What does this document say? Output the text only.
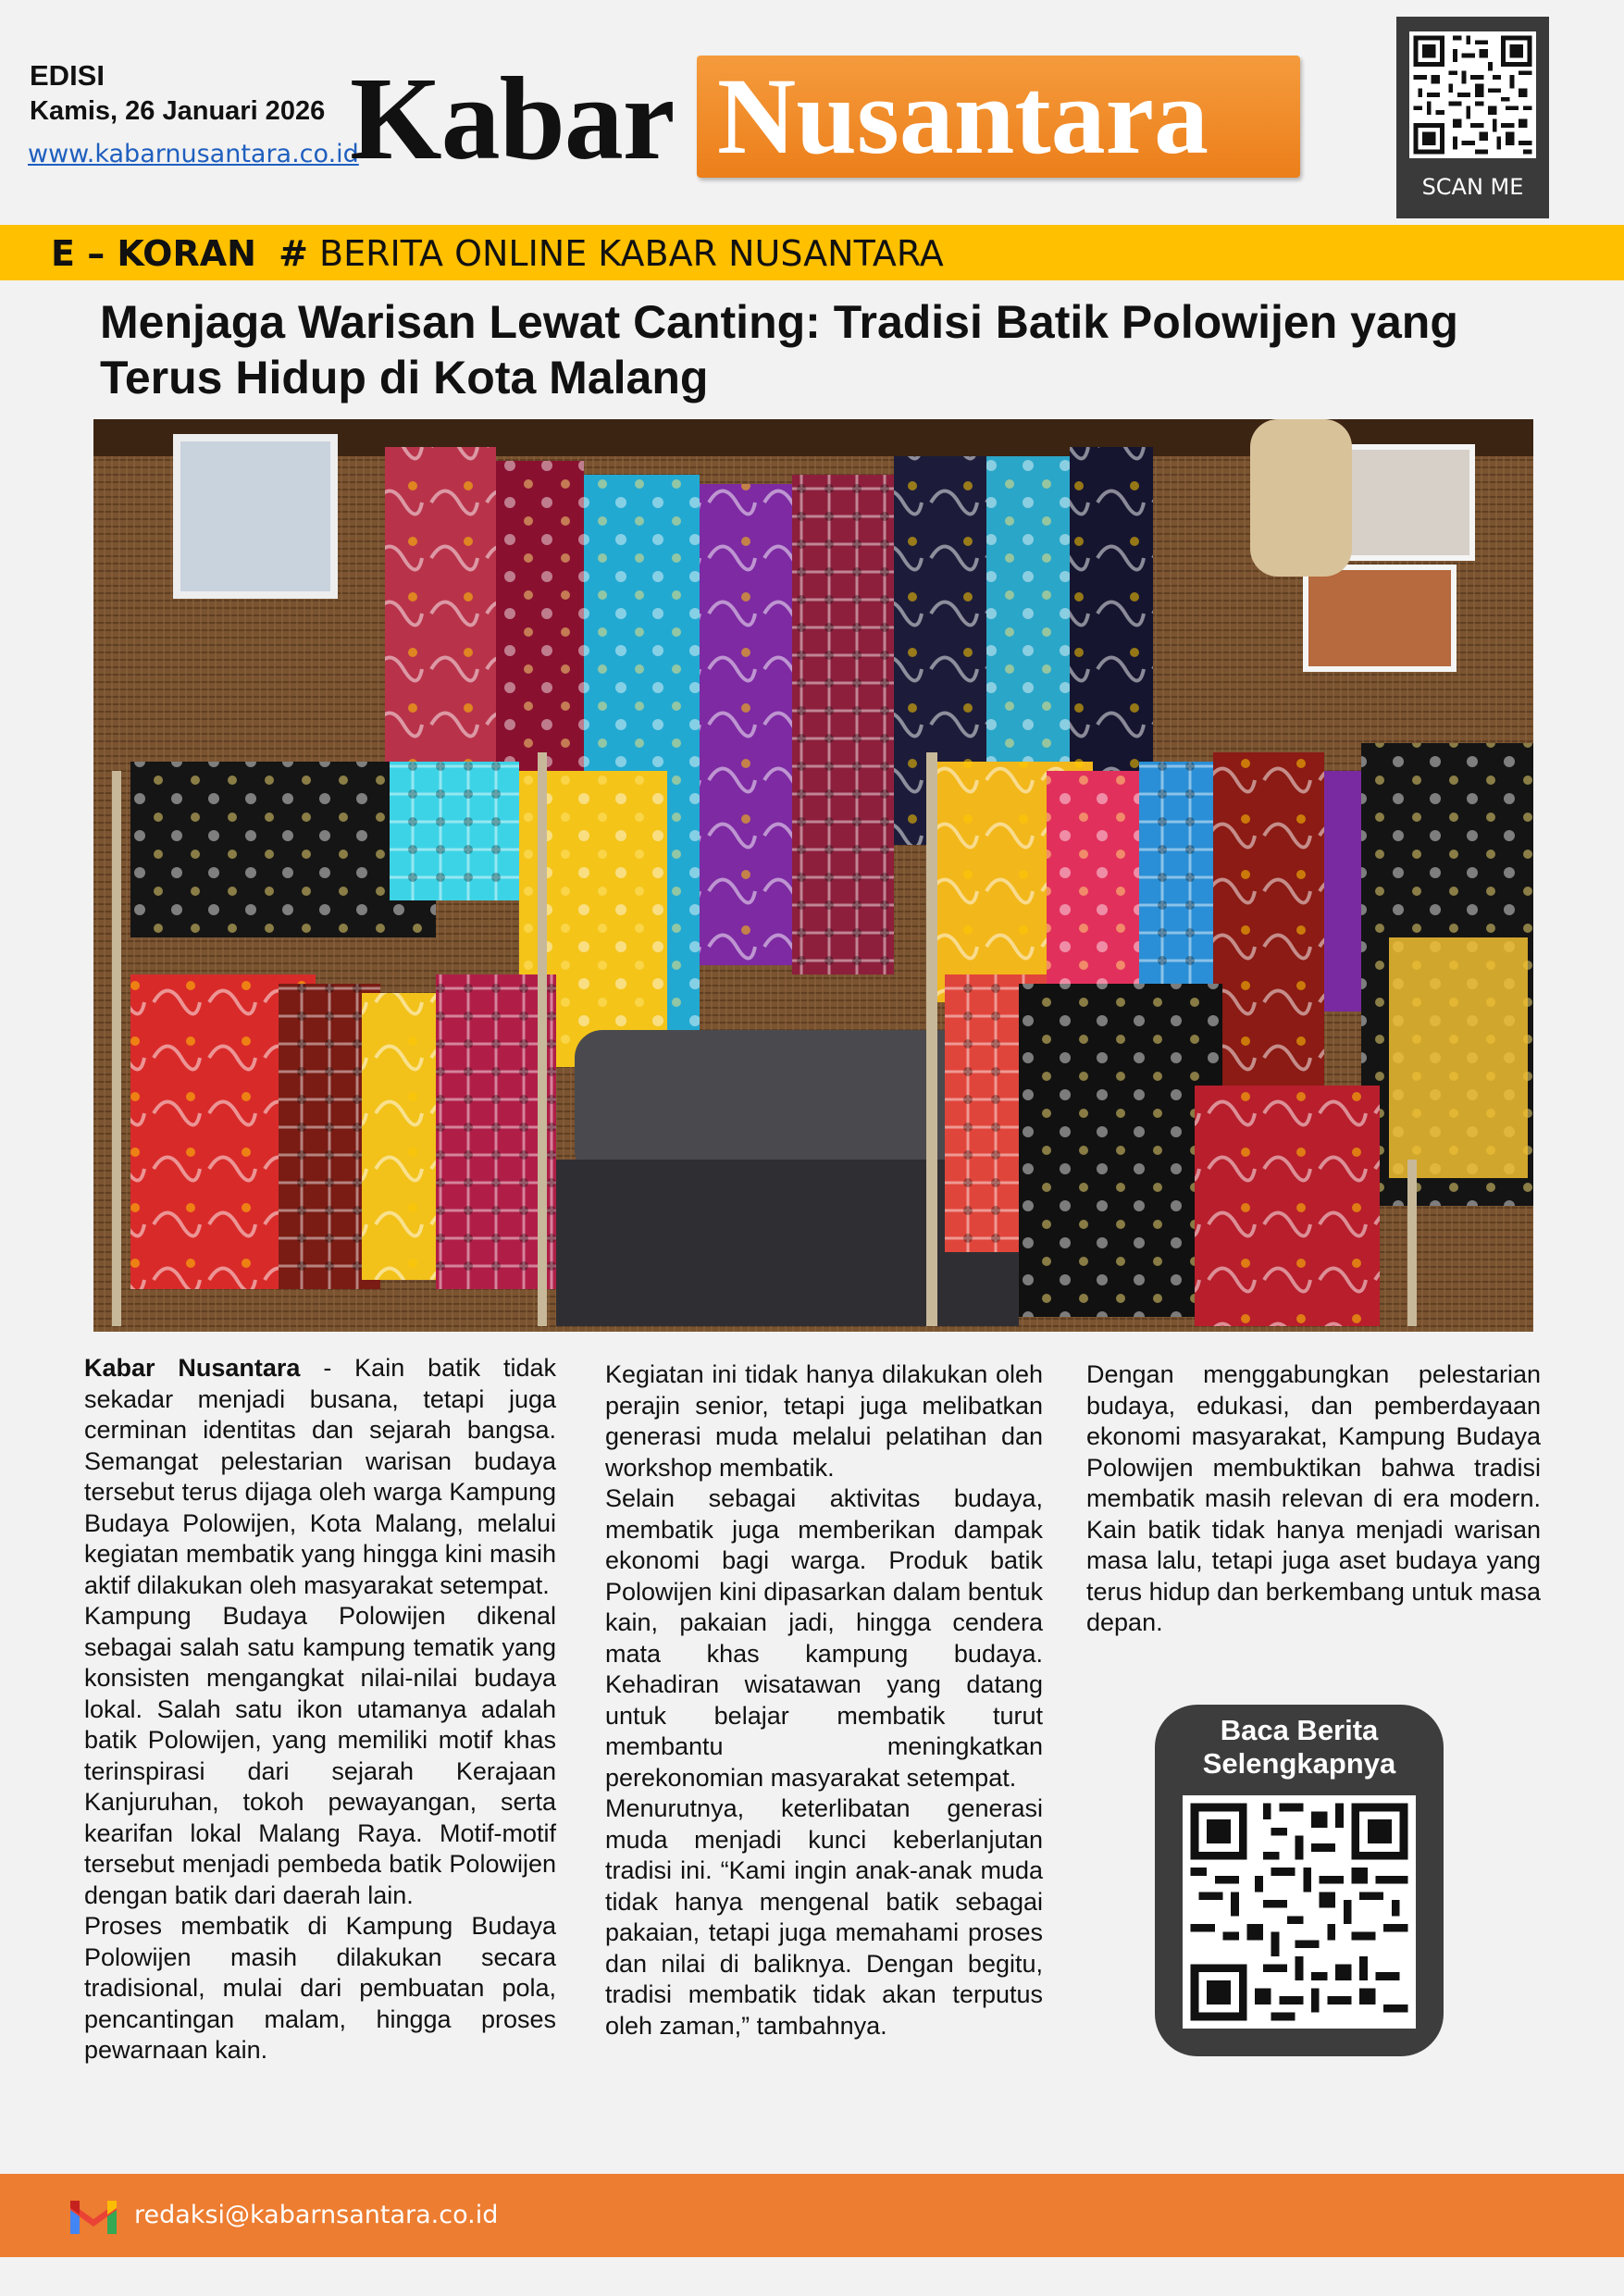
EDISI
Kamis, 26 Januari 2026
www.kabarnusantara.co.id
Kabar Nusantara
SCAN ME
E – KORAN # BERITA ONLINE KABAR NUSANTARA
Menjaga Warisan Lewat Canting: Tradisi Batik Polowijen yang
Terus Hidup di Kota Malang

Kabar Nusantara - Kain batik tidak sekadar menjadi busana, tetapi juga cerminan identitas dan sejarah bangsa. Semangat pelestarian warisan budaya tersebut terus dijaga oleh warga Kampung Budaya Polowijen, Kota Malang, melalui kegiatan membatik yang hingga kini masih aktif dilakukan oleh masyarakat setempat.

Kampung Budaya Polowijen dikenal sebagai salah satu kampung tematik yang konsisten mengangkat nilai-nilai budaya lokal. Salah satu ikon utamanya adalah batik Polowijen, yang memiliki motif khas terinspirasi dari sejarah Kerajaan Kanjuruhan, tokoh pewayangan, serta kearifan lokal Malang Raya. Motif-motif tersebut menjadi pembeda batik Polowijen dengan batik dari daerah lain.

Proses membatik di Kampung Budaya Polowijen masih dilakukan secara tradisional, mulai dari pembuatan pola, pencantingan malam, hingga proses pewarnaan kain.

Kegiatan ini tidak hanya dilakukan oleh perajin senior, tetapi juga melibatkan generasi muda melalui pelatihan dan workshop membatik.

Selain sebagai aktivitas budaya, membatik juga memberikan dampak ekonomi bagi warga. Produk batik Polowijen kini dipasarkan dalam bentuk kain, pakaian jadi, hingga cendera mata khas kampung budaya. Kehadiran wisatawan yang datang untuk belajar membatik turut membantu meningkatkan perekonomian masyarakat setempat.

Menurutnya, keterlibatan generasi muda menjadi kunci keberlanjutan tradisi ini. “Kami ingin anak-anak muda tidak hanya mengenal batik sebagai pakaian, tetapi juga memahami proses dan nilai di baliknya. Dengan begitu, tradisi membatik tidak akan terputus oleh zaman,” tambahnya.

Dengan menggabungkan pelestarian budaya, edukasi, dan pemberdayaan ekonomi masyarakat, Kampung Budaya Polowijen membuktikan bahwa tradisi membatik masih relevan di era modern. Kain batik tidak hanya menjadi warisan masa lalu, tetapi juga aset budaya yang terus hidup dan berkembang untuk masa depan.

Baca Berita
Selengkapnya
redaksi@kabarnsantara.co.id
